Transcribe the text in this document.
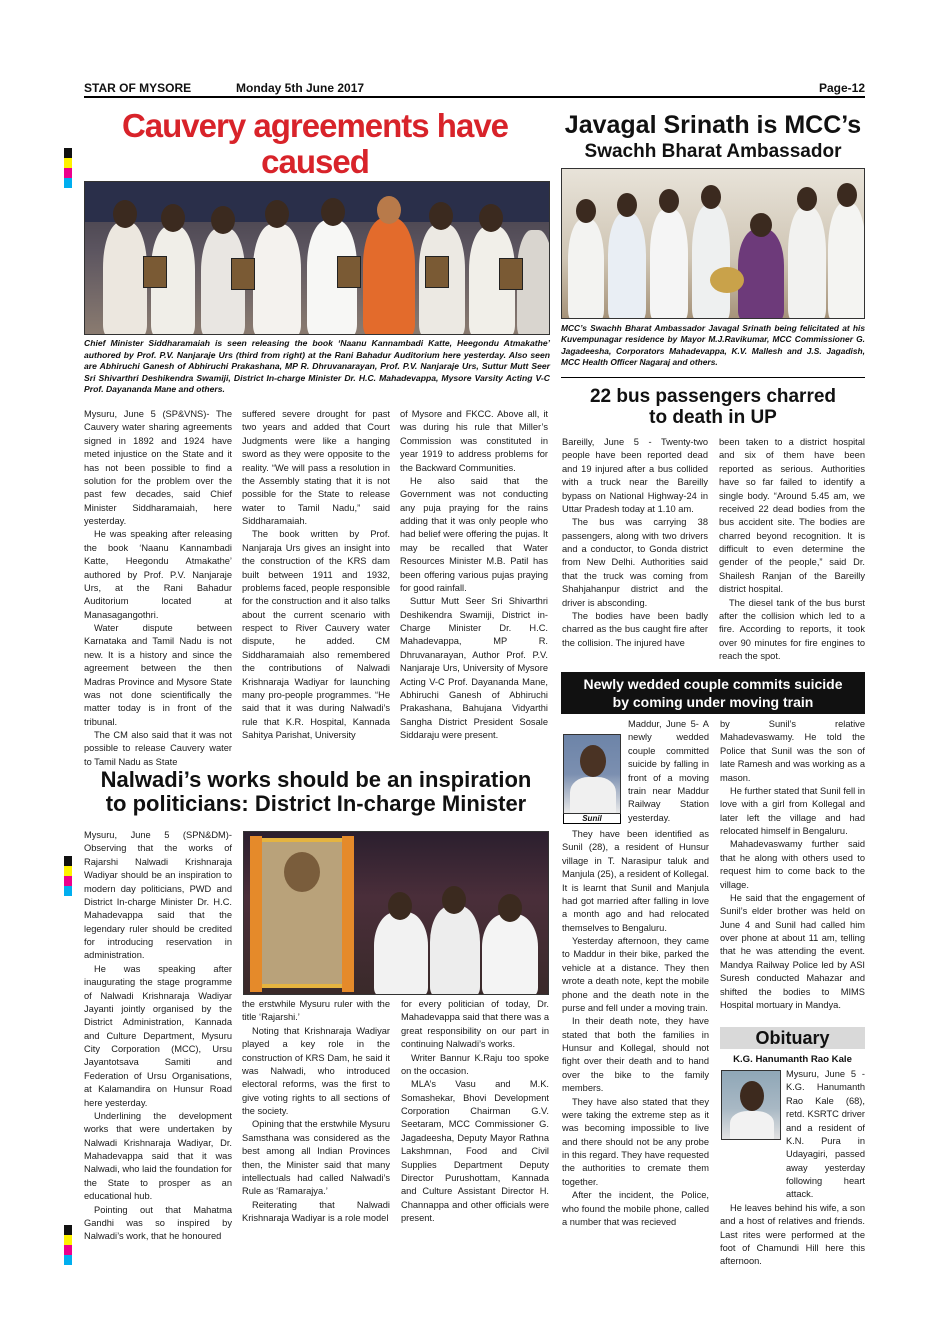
STAR OF MYSORE	Monday 5th June 2017	Page-12
Cauvery agreements have caused
Chief Minister Siddharamaiah is seen releasing the book ‘Naanu Kannambadi Katte, Heegondu Atmakathe’ authored by Prof. P.V. Nanjaraje Urs (third from right) at the Rani Bahadur Auditorium here yesterday. Also seen are Abhiruchi Ganesh of Abhiruchi Prakashana, MP R. Dhruvanarayan, Prof. P.V. Nanjaraje Urs, Suttur Mutt Seer Sri Shivarthri Deshikendra Swamiji, District In-charge Minister Dr. H.C. Mahadevappa, Mysore Varsity Acting V-C Prof. Dayananda Mane and others.

Mysuru, June 5 (SP&VNS)- The Cauvery water sharing agreements signed in 1892 and 1924 have meted injustice on the State and it has not been possible to find a solution for the problem over the past few decades, said Chief Minister Siddharamaiah, here yesterday.

He was speaking after releasing the book ‘Naanu Kannambadi Katte, Heegondu Atmakathe’ authored by Prof. P.V. Nanjaraje Urs, at the Rani Bahadur Auditorium located at Manasagangothri.

Water dispute between Karnataka and Tamil Nadu is not new. It is a history and since the agreement between the then Madras Province and Mysore State was not done scientifically the matter today is in front of the tribunal.

The CM also said that it was not possible to release Cauvery water to Tamil Nadu as State

suffered severe drought for past two years and added that Court Judgments were like a hanging sword as they were opposite to the reality. “We will pass a resolution in the Assembly stating that it is not possible for the State to release water to Tamil Nadu,” said Siddharamaiah.

The book written by Prof. Nanjaraja Urs gives an insight into the construction of the KRS dam built between 1911 and 1932, problems faced, people responsible for the construction and it also talks about the current scenario with respect to River Cauvery water dispute, he added. CM Siddharamaiah also remembered the contributions of Nalwadi Krishnaraja Wadiyar for launching many pro-people programmes. “He said that it was during Nalwadi’s rule that K.R. Hospital, Kannada Sahitya Parishat, University

of Mysore and FKCC. Above all, it was during his rule that Miller’s Commission was constituted in year 1919 to address problems for the Backward Communities.

He also said that the Government was not conducting any puja praying for the rains adding that it was only people who had belief were offering the pujas. It may be recalled that Water Resources Minister M.B. Patil has been offering various pujas praying for good rainfall.

Suttur Mutt Seer Sri Shivarthri Deshikendra Swamiji, District in-Charge Minister Dr. H.C. Mahadevappa, MP R. Dhruvanarayan, Author Prof. P.V. Nanjaraje Urs, University of Mysore Acting V-C Prof. Dayananda Mane, Abhiruchi Ganesh of Abhiruchi Prakashana, Bahujana Vidyarthi Sangha District President Sosale Siddaraju were present.

Javagal Srinath is MCC’s
Swachh Bharat Ambassador
MCC’s Swachh Bharat Ambassador Javagal Srinath being felicitated at his Kuvempunagar residence by Mayor M.J.Ravikumar, MCC Commissioner G. Jagadeesha, Corporators Mahadevappa, K.V. Mallesh and J.S. Jagadish, MCC Health Officer Nagaraj and others.
22 bus passengers charred
to death in UP

Bareilly, June 5 - Twenty-two people have been reported dead and 19 injured after a bus collided with a truck near the Bareilly bypass on National Highway-24 in Uttar Pradesh today at 1.10 am.

The bus was carrying 38 passengers, along with two drivers and a conductor, to Gonda district from New Delhi. Authorities said that the truck was coming from Shahjahanpur district and the driver is absconding.

The bodies have been badly charred as the bus caught fire after the collision. The injured have

been taken to a district hospital and six of them have been reported as serious. Authorities have so far failed to identify a single body. “Around 5.45 am, we received 22 dead bodies from the bus accident site. The bodies are charred beyond recognition. It is difficult to even determine the gender of the people,” said Dr. Shailesh Ranjan of the Bareilly district hospital.

The diesel tank of the bus burst after the collision which led to a fire. According to reports, it took over 90 minutes for fire engines to reach the spot.

Newly wedded couple commits suicide
by coming under moving train
Sunil

Maddur, June 5- A newly wedded couple committed suicide by falling in front of a moving train near Maddur Railway Station yesterday.

They have been identified as Sunil (28), a resident of Hunsur village in T. Narasipur taluk and Manjula (25), a resident of Kollegal. It is learnt that Sunil and Manjula had got married after falling in love a month ago and had relocated themselves to Bengaluru.

Yesterday afternoon, they came to Maddur in their bike, parked the vehicle at a distance. They then wrote a death note, kept the mobile phone and the death note in the purse and fell under a moving train.

In their death note, they have stated that both the families in Hunsur and Kollegal, should not fight over their death and to hand over the bike to the family members.

They have also stated that they were taking the extreme step as it was becoming impossible to live and there should not be any probe in this regard. They have requested the authorities to cremate them together.

After the incident, the Police, who found the mobile phone, called a number that was recieved

by Sunil’s relative Mahadevaswamy. He told the Police that Sunil was the son of late Ramesh and was working as a mason.

He further stated that Sunil fell in love with a girl from Kollegal and later left the village and had relocated himself in Bengaluru.

Mahadevaswamy further said that he along with others used to request him to come back to the village.

He said that the engagement of Sunil’s elder brother was held on June 4 and Sunil had called him over phone at about 11 am, telling that he was attending the event. Mandya Railway Police led by ASI Suresh conducted Mahazar and shifted the bodies to MIMS Hospital mortuary in Mandya.

Obituary
K.G. Hanumanth Rao Kale

Mysuru, June 5 - K.G. Hanumanth Rao Kale (68), retd. KSRTC driver and a resident of K.N. Pura in Udayagiri, passed away yesterday following heart attack.

He leaves behind his wife, a son and a host of relatives and friends. Last rites were performed at the foot of Chamundi Hill here this afternoon.

Nalwadi’s works should be an inspiration
to politicians: District In-charge Minister

Mysuru, June 5 (SPN&DM)- Observing that the works of Rajarshi Nalwadi Krishnaraja Wadiyar should be an inspiration to modern day politicians, PWD and District In-charge Minister Dr. H.C. Mahadevappa said that the legendary ruler should be credited for introducing reservation in administration.

He was speaking after inaugurating the stage programme of Nalwadi Krishnaraja Wadiyar Jayanti jointly organised by the District Administration, Kannada and Culture Department, Mysuru City Corporation (MCC), Ursu Jayantotsava Samiti and Federation of Ursu Organisations, at Kalamandira on Hunsur Road here yesterday.

Underlining the development works that were undertaken by Nalwadi Krishnaraja Wadiyar, Dr. Mahadevappa said that it was Nalwadi, who laid the foundation for the State to prosper as an educational hub.

Pointing out that Mahatma Gandhi was so inspired by Nalwadi’s work, that he honoured

the erstwhile Mysuru ruler with the title ‘Rajarshi.’

Noting that Krishnaraja Wadiyar played a key role in the construction of KRS Dam, he said it was Nalwadi, who introduced electoral reforms, was the first to give voting rights to all sections of the society.

Opining that the erstwhile Mysuru Samsthana was considered as the best among all Indian Provinces then, the Minister said that many intellectuals had called Nalwadi’s Rule as ‘Ramarajya.’

Reiterating that Nalwadi Krishnaraja Wadiyar is a role model

for every politician of today, Dr. Mahadevappa said that there was a great responsibility on our part in continuing Nalwadi’s works.

Writer Bannur K.Raju too spoke on the occasion.

MLA’s Vasu and M.K. Somashekar, Bhovi Development Corporation Chairman G.V. Seetaram, MCC Commissioner G. Jagadeesha, Deputy Mayor Rathna Lakshmnan, Food and Civil Supplies Department Deputy Director Purushottam, Kannada and Culture Assistant Director H. Channappa and other officials were present.
